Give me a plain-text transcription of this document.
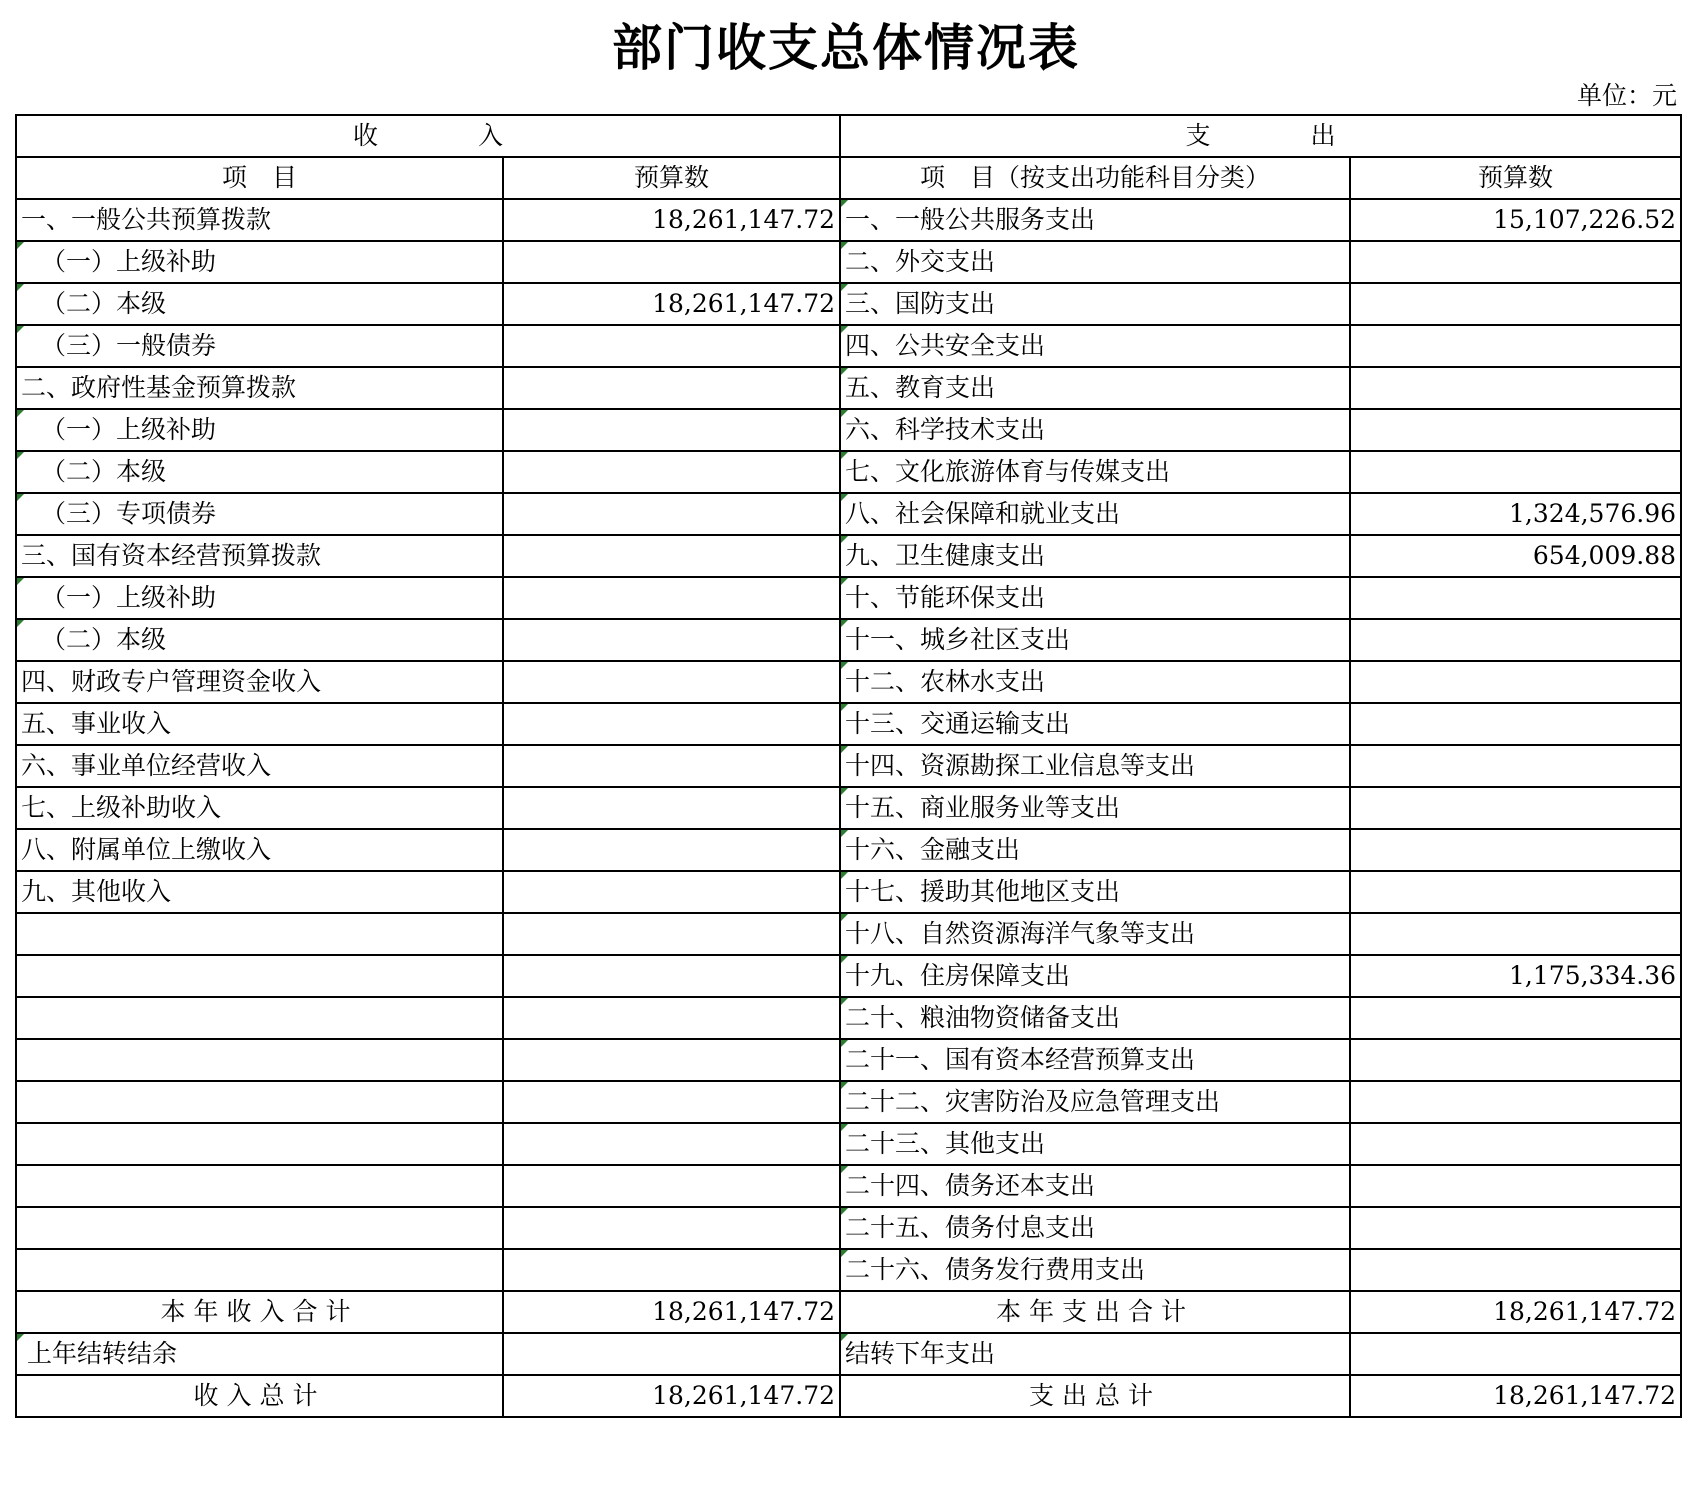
部门收支总体情况表
单位：元
收　　　　入		支　　　　出	
项　目	预算数	项　目（按支出功能科目分类）	预算数
一、一般公共预算拨款	18,261,147.72	一、一般公共服务支出	15,107,226.52
（一）上级补助		二、外交支出	
（二）本级	18,261,147.72	三、国防支出	
（三）一般债券		四、公共安全支出	
二、政府性基金预算拨款		五、教育支出	
（一）上级补助		六、科学技术支出	
（二）本级		七、文化旅游体育与传媒支出	
（三）专项债券		八、社会保障和就业支出	1,324,576.96
三、国有资本经营预算拨款		九、卫生健康支出	654,009.88
（一）上级补助		十、节能环保支出	
（二）本级		十一、城乡社区支出	
四、财政专户管理资金收入		十二、农林水支出	
五、事业收入		十三、交通运输支出	
六、事业单位经营收入		十四、资源勘探工业信息等支出	
七、上级补助收入		十五、商业服务业等支出	
八、附属单位上缴收入		十六、金融支出	
九、其他收入		十七、援助其他地区支出	
		十八、自然资源海洋气象等支出	
		十九、住房保障支出	1,175,334.36
		二十、粮油物资储备支出	
		二十一、国有资本经营预算支出	
		二十二、灾害防治及应急管理支出	
		二十三、其他支出	
		二十四、债务还本支出	
		二十五、债务付息支出	
		二十六、债务发行费用支出	
本年收入合计	18,261,147.72	本年支出合计	18,261,147.72
上年结转结余		结转下年支出	
收入总计	18,261,147.72	支出总计	18,261,147.72
